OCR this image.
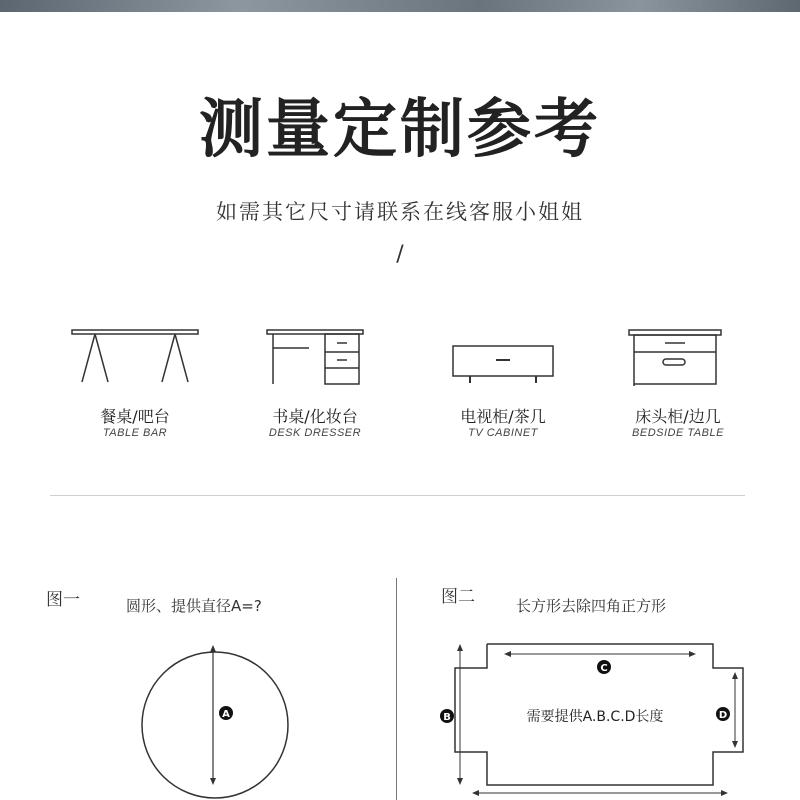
测量定制参考
如需其它尺寸请联系在线客服小姐姐
/
餐桌/吧台
TABLE BAR
书桌/化妆台
DESK DRESSER
电视柜/茶几
TV CABINET
床头柜/边几
BEDSIDE TABLE
图一	圆形、提供直径A=?
A
图二	长方形去除四角正方形
C
B	D
需要提供A.B.C.D长度
